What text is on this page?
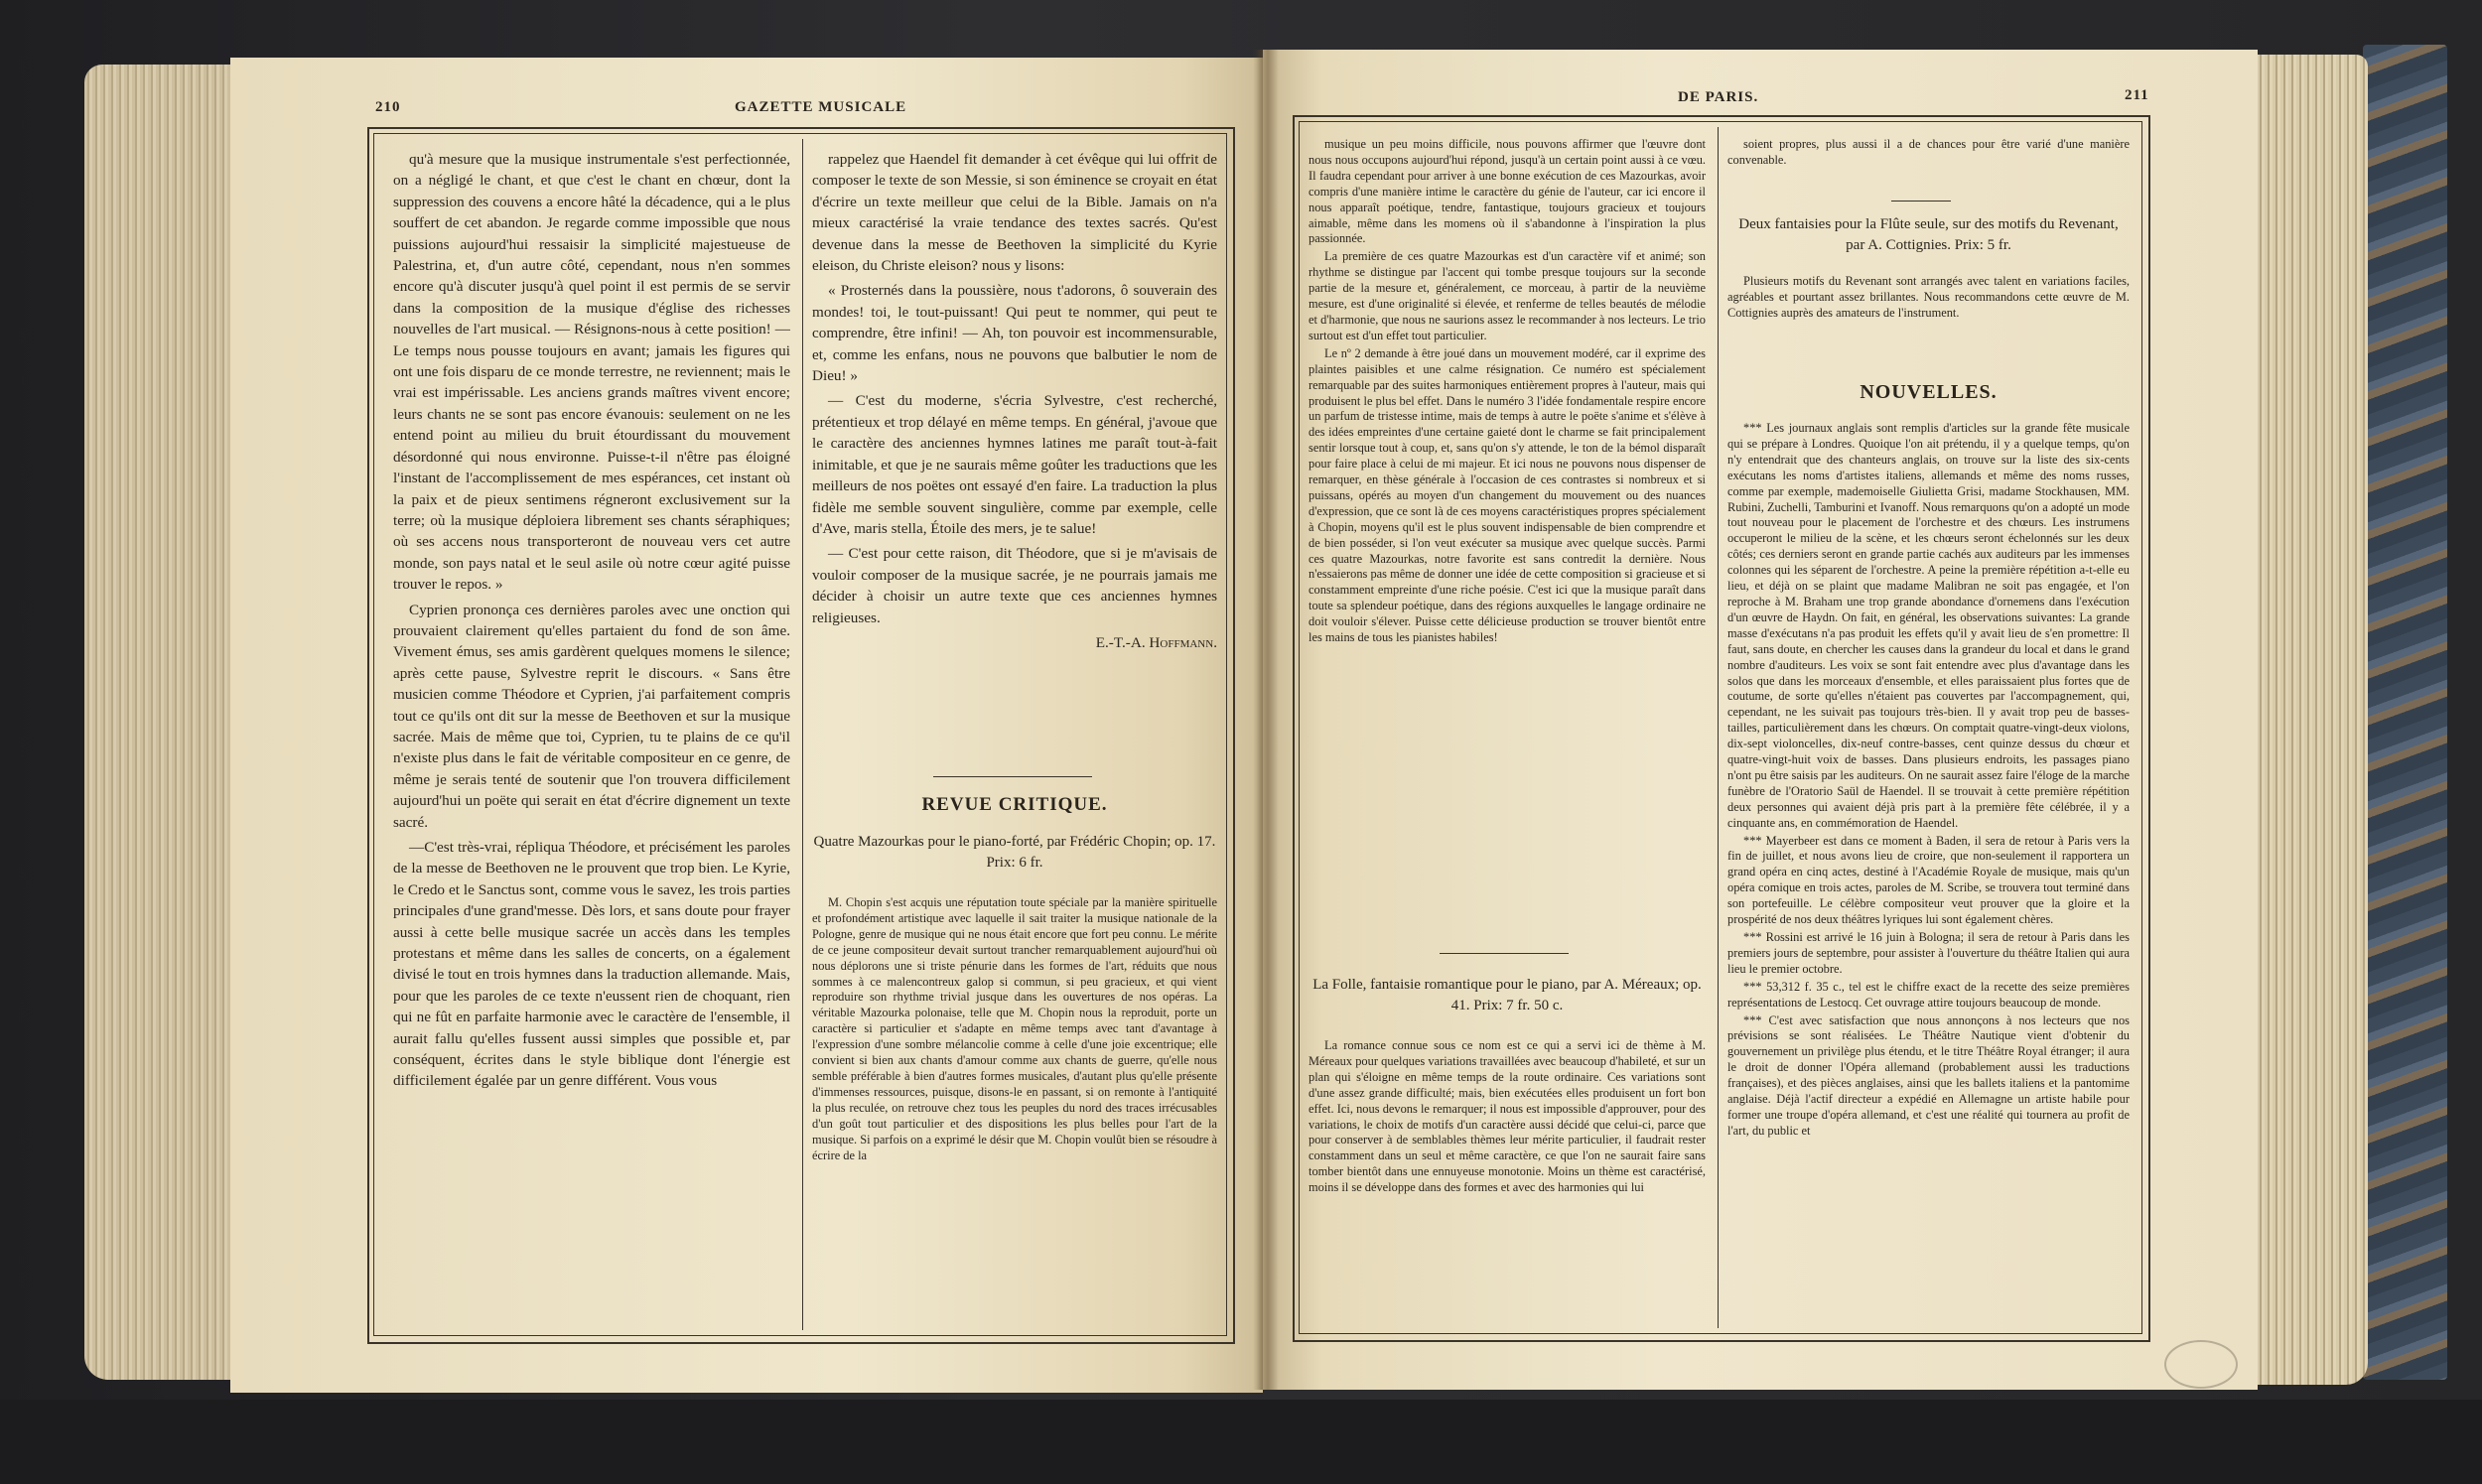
210	GAZETTE MUSICALE

qu'à mesure que la musique instrumentale s'est perfectionnée, on a négligé le chant, et que c'est le chant en chœur, dont la suppression des couvens a encore hâté la décadence, qui a le plus souffert de cet abandon. Je regarde comme impossible que nous puissions aujourd'hui ressaisir la simplicité majestueuse de Palestrina, et, d'un autre côté, cependant, nous n'en sommes encore qu'à discuter jusqu'à quel point il est permis de se servir dans la composition de la musique d'église des richesses nouvelles de l'art musical. — Résignons-nous à cette position! — Le temps nous pousse toujours en avant; jamais les figures qui ont une fois disparu de ce monde terrestre, ne reviennent; mais le vrai est impérissable. Les anciens grands maîtres vivent encore; leurs chants ne se sont pas encore évanouis: seulement on ne les entend point au milieu du bruit étourdissant du mouvement désordonné qui nous environne. Puisse-t-il n'être pas éloigné l'instant de l'accomplissement de mes espérances, cet instant où la paix et de pieux sentimens régneront exclusivement sur la terre; où la musique déploiera librement ses chants séraphiques; où ses accens nous transporteront de nouveau vers cet autre monde, son pays natal et le seul asile où notre cœur agité puisse trouver le repos. »

Cyprien prononça ces dernières paroles avec une onction qui prouvaient clairement qu'elles partaient du fond de son âme. Vivement émus, ses amis gardèrent quelques momens le silence; après cette pause, Sylvestre reprit le discours. « Sans être musicien comme Théodore et Cyprien, j'ai parfaitement compris tout ce qu'ils ont dit sur la messe de Beethoven et sur la musique sacrée. Mais de même que toi, Cyprien, tu te plains de ce qu'il n'existe plus dans le fait de véritable compositeur en ce genre, de même je serais tenté de soutenir que l'on trouvera difficilement aujourd'hui un poëte qui serait en état d'écrire dignement un texte sacré.

—C'est très-vrai, répliqua Théodore, et précisément les paroles de la messe de Beethoven ne le prouvent que trop bien. Le Kyrie, le Credo et le Sanctus sont, comme vous le savez, les trois parties principales d'une grand'messe. Dès lors, et sans doute pour frayer aussi à cette belle musique sacrée un accès dans les temples protestans et même dans les salles de concerts, on a également divisé le tout en trois hymnes dans la traduction allemande. Mais, pour que les paroles de ce texte n'eussent rien de choquant, rien qui ne fût en parfaite harmonie avec le caractère de l'ensemble, il aurait fallu qu'elles fussent aussi simples que possible et, par conséquent, écrites dans le style biblique dont l'énergie est difficilement égalée par un genre différent. Vous vous

rappelez que Haendel fit demander à cet évêque qui lui offrit de composer le texte de son Messie, si son éminence se croyait en état d'écrire un texte meilleur que celui de la Bible. Jamais on n'a mieux caractérisé la vraie tendance des textes sacrés. Qu'est devenue dans la messe de Beethoven la simplicité du Kyrie eleison, du Christe eleison? nous y lisons:

« Prosternés dans la poussière, nous t'adorons, ô souverain des mondes! toi, le tout-puissant! Qui peut te nommer, qui peut te comprendre, être infini! — Ah, ton pouvoir est incommensurable, et, comme les enfans, nous ne pouvons que balbutier le nom de Dieu! »

— C'est du moderne, s'écria Sylvestre, c'est recherché, prétentieux et trop délayé en même temps. En général, j'avoue que le caractère des anciennes hymnes latines me paraît tout-à-fait inimitable, et que je ne saurais même goûter les traductions que les meilleurs de nos poëtes ont essayé d'en faire. La traduction la plus fidèle me semble souvent singulière, comme par exemple, celle d'Ave, maris stella, Étoile des mers, je te salue!

— C'est pour cette raison, dit Théodore, que si je m'avisais de vouloir composer de la musique sacrée, je ne pourrais jamais me décider à choisir un autre texte que ces anciennes hymnes religieuses.

E.-T.-A. Hoffmann.

REVUE CRITIQUE.
Quatre Mazourkas pour le piano-forté, par Frédéric Chopin; op. 17. Prix: 6 fr.

M. Chopin s'est acquis une réputation toute spéciale par la manière spirituelle et profondément artistique avec laquelle il sait traiter la musique nationale de la Pologne, genre de musique qui ne nous était encore que fort peu connu. Le mérite de ce jeune compositeur devait surtout trancher remarquablement aujourd'hui où nous déplorons une si triste pénurie dans les formes de l'art, réduits que nous sommes à ce malencontreux galop si commun, si peu gracieux, et qui vient reproduire son rhythme trivial jusque dans les ouvertures de nos opéras. La véritable Mazourka polonaise, telle que M. Chopin nous la reproduit, porte un caractère si particulier et s'adapte en même temps avec tant d'avantage à l'expression d'une sombre mélancolie comme à celle d'une joie excentrique; elle convient si bien aux chants d'amour comme aux chants de guerre, qu'elle nous semble préférable à bien d'autres formes musicales, d'autant plus qu'elle présente d'immenses ressources, puisque, disons-le en passant, si on remonte à l'antiquité la plus reculée, on retrouve chez tous les peuples du nord des traces irrécusables d'un goût tout particulier et des dispositions les plus belles pour l'art de la musique. Si parfois on a exprimé le désir que M. Chopin voulût bien se résoudre à écrire de la

DE PARIS.	211

musique un peu moins difficile, nous pouvons affirmer que l'œuvre dont nous nous occupons aujourd'hui répond, jusqu'à un certain point aussi à ce vœu. Il faudra cependant pour arriver à une bonne exécution de ces Mazourkas, avoir compris d'une manière intime le caractère du génie de l'auteur, car ici encore il nous apparaît poétique, tendre, fantastique, toujours gracieux et toujours aimable, même dans les momens où il s'abandonne à l'inspiration la plus passionnée.

La première de ces quatre Mazourkas est d'un caractère vif et animé; son rhythme se distingue par l'accent qui tombe presque toujours sur la seconde partie de la mesure et, généralement, ce morceau, à partir de la neuvième mesure, est d'une originalité si élevée, et renferme de telles beautés de mélodie et d'harmonie, que nous ne saurions assez le recommander à nos lecteurs. Le trio surtout est d'un effet tout particulier.

Le nº 2 demande à être joué dans un mouvement modéré, car il exprime des plaintes paisibles et une calme résignation. Ce numéro est spécialement remarquable par des suites harmoniques entièrement propres à l'auteur, mais qui produisent le plus bel effet. Dans le numéro 3 l'idée fondamentale respire encore un parfum de tristesse intime, mais de temps à autre le poëte s'anime et s'élève à des idées empreintes d'une certaine gaieté dont le charme se fait principalement sentir lorsque tout à coup, et, sans qu'on s'y attende, le ton de la bémol disparaît pour faire place à celui de mi majeur. Et ici nous ne pouvons nous dispenser de remarquer, en thèse générale à l'occasion de ces contrastes si nombreux et si puissans, opérés au moyen d'un changement du mouvement ou des nuances d'expression, que ce sont là de ces moyens caractéristiques propres spécialement à Chopin, moyens qu'il est le plus souvent indispensable de bien comprendre et de bien posséder, si l'on veut exécuter sa musique avec quelque succès. Parmi ces quatre Mazourkas, notre favorite est sans contredit la dernière. Nous n'essaierons pas même de donner une idée de cette composition si gracieuse et si constamment empreinte d'une riche poésie. C'est ici que la musique paraît dans toute sa splendeur poétique, dans des régions auxquelles le langage ordinaire ne doit vouloir s'élever. Puisse cette délicieuse production se trouver bientôt entre les mains de tous les pianistes habiles!

La Folle, fantaisie romantique pour le piano, par A. Méreaux; op. 41. Prix: 7 fr. 50 c.

La romance connue sous ce nom est ce qui a servi ici de thème à M. Méreaux pour quelques variations travaillées avec beaucoup d'habileté, et sur un plan qui s'éloigne en même temps de la route ordinaire. Ces variations sont d'une assez grande difficulté; mais, bien exécutées elles produisent un fort bon effet. Ici, nous devons le remarquer; il nous est impossible d'approuver, pour des variations, le choix de motifs d'un caractère aussi décidé que celui-ci, parce que pour conserver à de semblables thèmes leur mérite particulier, il faudrait rester constamment dans un seul et même caractère, ce que l'on ne saurait faire sans tomber bientôt dans une ennuyeuse monotonie. Moins un thème est caractérisé, moins il se développe dans des formes et avec des harmonies qui lui

soient propres, plus aussi il a de chances pour être varié d'une manière convenable.

Deux fantaisies pour la Flûte seule, sur des motifs du Revenant, par A. Cottignies. Prix: 5 fr.

Plusieurs motifs du Revenant sont arrangés avec talent en variations faciles, agréables et pourtant assez brillantes. Nous recommandons cette œuvre de M. Cottignies auprès des amateurs de l'instrument.

NOUVELLES.

*** Les journaux anglais sont remplis d'articles sur la grande fête musicale qui se prépare à Londres. Quoique l'on ait prétendu, il y a quelque temps, qu'on n'y entendrait que des chanteurs anglais, on trouve sur la liste des six-cents exécutans les noms d'artistes italiens, allemands et même des noms russes, comme par exemple, mademoiselle Giulietta Grisi, madame Stockhausen, MM. Rubini, Zuchelli, Tamburini et Ivanoff. Nous remarquons qu'on a adopté un mode tout nouveau pour le placement de l'orchestre et des chœurs. Les instrumens occuperont le milieu de la scène, et les chœurs seront échelonnés sur les deux côtés; ces derniers seront en grande partie cachés aux auditeurs par les immenses colonnes qui les séparent de l'orchestre. A peine la première répétition a-t-elle eu lieu, et déjà on se plaint que madame Malibran ne soit pas engagée, et l'on reproche à M. Braham une trop grande abondance d'ornemens dans l'exécution d'un œuvre de Haydn. On fait, en général, les observations suivantes: La grande masse d'exécutans n'a pas produit les effets qu'il y avait lieu de s'en promettre: Il faut, sans doute, en chercher les causes dans la grandeur du local et dans le grand nombre d'auditeurs. Les voix se sont fait entendre avec plus d'avantage dans les solos que dans les morceaux d'ensemble, et elles paraissaient plus fortes que de coutume, de sorte qu'elles n'étaient pas couvertes par l'accompagnement, qui, cependant, ne les suivait pas toujours très-bien. Il y avait trop peu de basses-tailles, particulièrement dans les chœurs. On comptait quatre-vingt-deux violons, dix-sept violoncelles, dix-neuf contre-basses, cent quinze dessus du chœur et quatre-vingt-huit voix de basses. Dans plusieurs endroits, les passages piano n'ont pu être saisis par les auditeurs. On ne saurait assez faire l'éloge de la marche funèbre de l'Oratorio Saül de Haendel. Il se trouvait à cette première répétition deux personnes qui avaient déjà pris part à la première fête célébrée, il y a cinquante ans, en commémoration de Haendel.

*** Mayerbeer est dans ce moment à Baden, il sera de retour à Paris vers la fin de juillet, et nous avons lieu de croire, que non-seulement il rapportera un grand opéra en cinq actes, destiné à l'Académie Royale de musique, mais qu'un opéra comique en trois actes, paroles de M. Scribe, se trouvera tout terminé dans son portefeuille. Le célèbre compositeur veut prouver que la gloire et la prospérité de nos deux théâtres lyriques lui sont également chères.

*** Rossini est arrivé le 16 juin à Bologna; il sera de retour à Paris dans les premiers jours de septembre, pour assister à l'ouverture du théâtre Italien qui aura lieu le premier octobre.

*** 53,312 f. 35 c., tel est le chiffre exact de la recette des seize premières représentations de Lestocq. Cet ouvrage attire toujours beaucoup de monde.

*** C'est avec satisfaction que nous annonçons à nos lecteurs que nos prévisions se sont réalisées. Le Théâtre Nautique vient d'obtenir du gouvernement un privilège plus étendu, et le titre Théâtre Royal étranger; il aura le droit de donner l'Opéra allemand (probablement aussi les traductions françaises), et des pièces anglaises, ainsi que les ballets italiens et la pantomime anglaise. Déjà l'actif directeur a expédié en Allemagne un artiste habile pour former une troupe d'opéra allemand, et c'est une réalité qui tournera au profit de l'art, du public et
